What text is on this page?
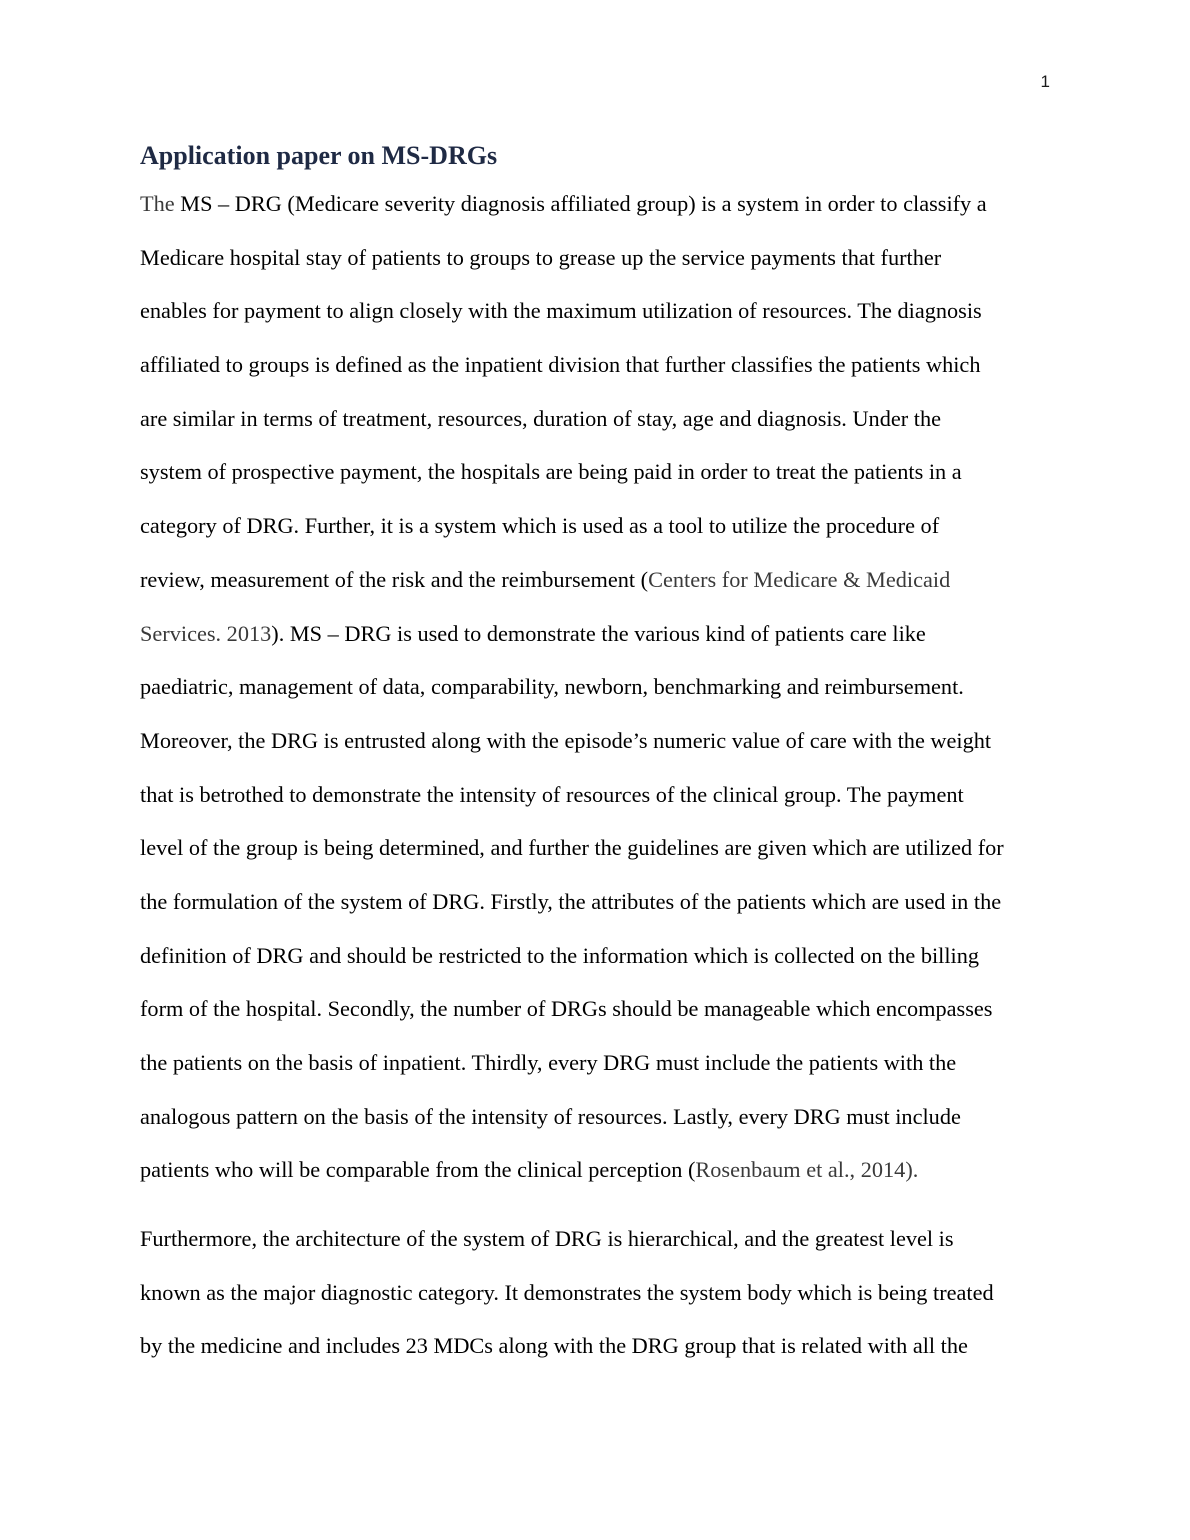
1
Application paper on MS-DRGs
The MS – DRG (Medicare severity diagnosis affiliated group) is a system in order to classify a
Medicare hospital stay of patients to groups to grease up the service payments that further
enables for payment to align closely with the maximum utilization of resources. The diagnosis
affiliated to groups is defined as the inpatient division that further classifies the patients which
are similar in terms of treatment, resources, duration of stay, age and diagnosis. Under the
system of prospective payment, the hospitals are being paid in order to treat the patients in a
category of DRG. Further, it is a system which is used as a tool to utilize the procedure of
review, measurement of the risk and the reimbursement (Centers for Medicare & Medicaid
Services. 2013). MS – DRG is used to demonstrate the various kind of patients care like
paediatric, management of data, comparability, newborn, benchmarking and reimbursement.
Moreover, the DRG is entrusted along with the episode’s numeric value of care with the weight
that is betrothed to demonstrate the intensity of resources of the clinical group. The payment
level of the group is being determined, and further the guidelines are given which are utilized for
the formulation of the system of DRG. Firstly, the attributes of the patients which are used in the
definition of DRG and should be restricted to the information which is collected on the billing
form of the hospital. Secondly, the number of DRGs should be manageable which encompasses
the patients on the basis of inpatient. Thirdly, every DRG must include the patients with the
analogous pattern on the basis of the intensity of resources. Lastly, every DRG must include
patients who will be comparable from the clinical perception (Rosenbaum et al., 2014).
Furthermore, the architecture of the system of DRG is hierarchical, and the greatest level is
known as the major diagnostic category. It demonstrates the system body which is being treated
by the medicine and includes 23 MDCs along with the DRG group that is related with all the
